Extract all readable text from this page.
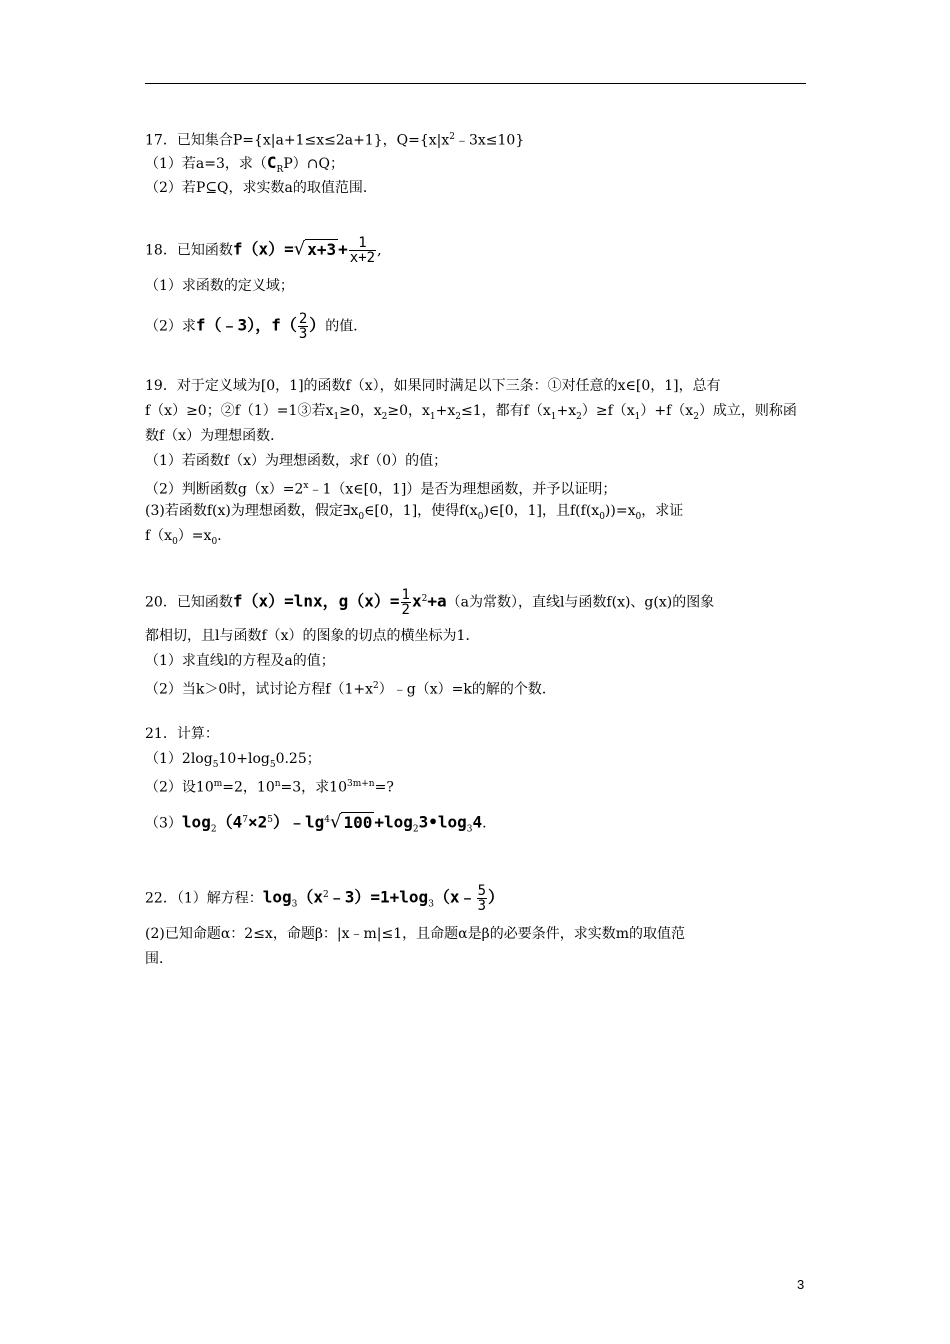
17．已知集合P={x|a+1≤x≤2a+1}，$Q=\{x|x^2﹣3x\le 10\}$
（1）若a=3，求$(C_RP)\cap Q$；
（2）若P⊆Q，求实数a的取值范围．
18．已知函数f（x）=√ $x+3 + \frac{1}{x+2}$ ,
（1）求函数的定义域；
（2）求f（﹣3），$f( \frac{2}{3}$ ）的值．
19．对于定义域为[0，1]的函数f（x），如果同时满足以下三条：①对任意的x∈[0，1]，总有
f（x）≥0；②f（1）=1③若$x_1\ge 0$，$x_2\ge 0$，$x_1+x_2\le 1$，都有$f(x_1+x_2)\ge f(x_1)+f(x_2)$成立，则称函
数f（x）为理想函数．
（1）若函数f（x）为理想函数，求f（0）的值；
（2）判断函数$g(x)=2^x﹣1(x\in[0$，1]）是否为理想函数，并予以证明；
(3)若函数f(x)为理想函数，假定$\exists x_0\in[0$，1]，使得$f(x_0)\in[0$，1]，且$f(f(x_0))=x_0$，求证
$f(x_0)=x_0$．
20．已知函数f（x）=lnx，$g(x)= \frac{1}{2} x^2+a(a$为常数），直线l与函数f(x)、g(x)的图象
都相切，且l与函数f（x）的图象的切点的横坐标为1．
（1）求直线l的方程及a的值；
（2）当k＞0时，试讨论方程$f(1+x^2)﹣g(x)=k$的解的个数．
21．计算：
$(1)2\log_510+\log_50.25$；
（2）设$10^m=2$，$10^n=3$，求$10^{3m+n}=$?
$(3)\log_2(4^7\times 2^5)﹣\lg^4√$ $100 +\log_23•\log_34$.
22．（1）解方程：$\log_3(x^2﹣3)=1+\log_3(x﹣ \frac{5}{3}$ ）
(2)已知命题α：2≤x，命题β：|x﹣m|≤1，且命题α是β的必要条件，求实数m的取值范
围．
3
